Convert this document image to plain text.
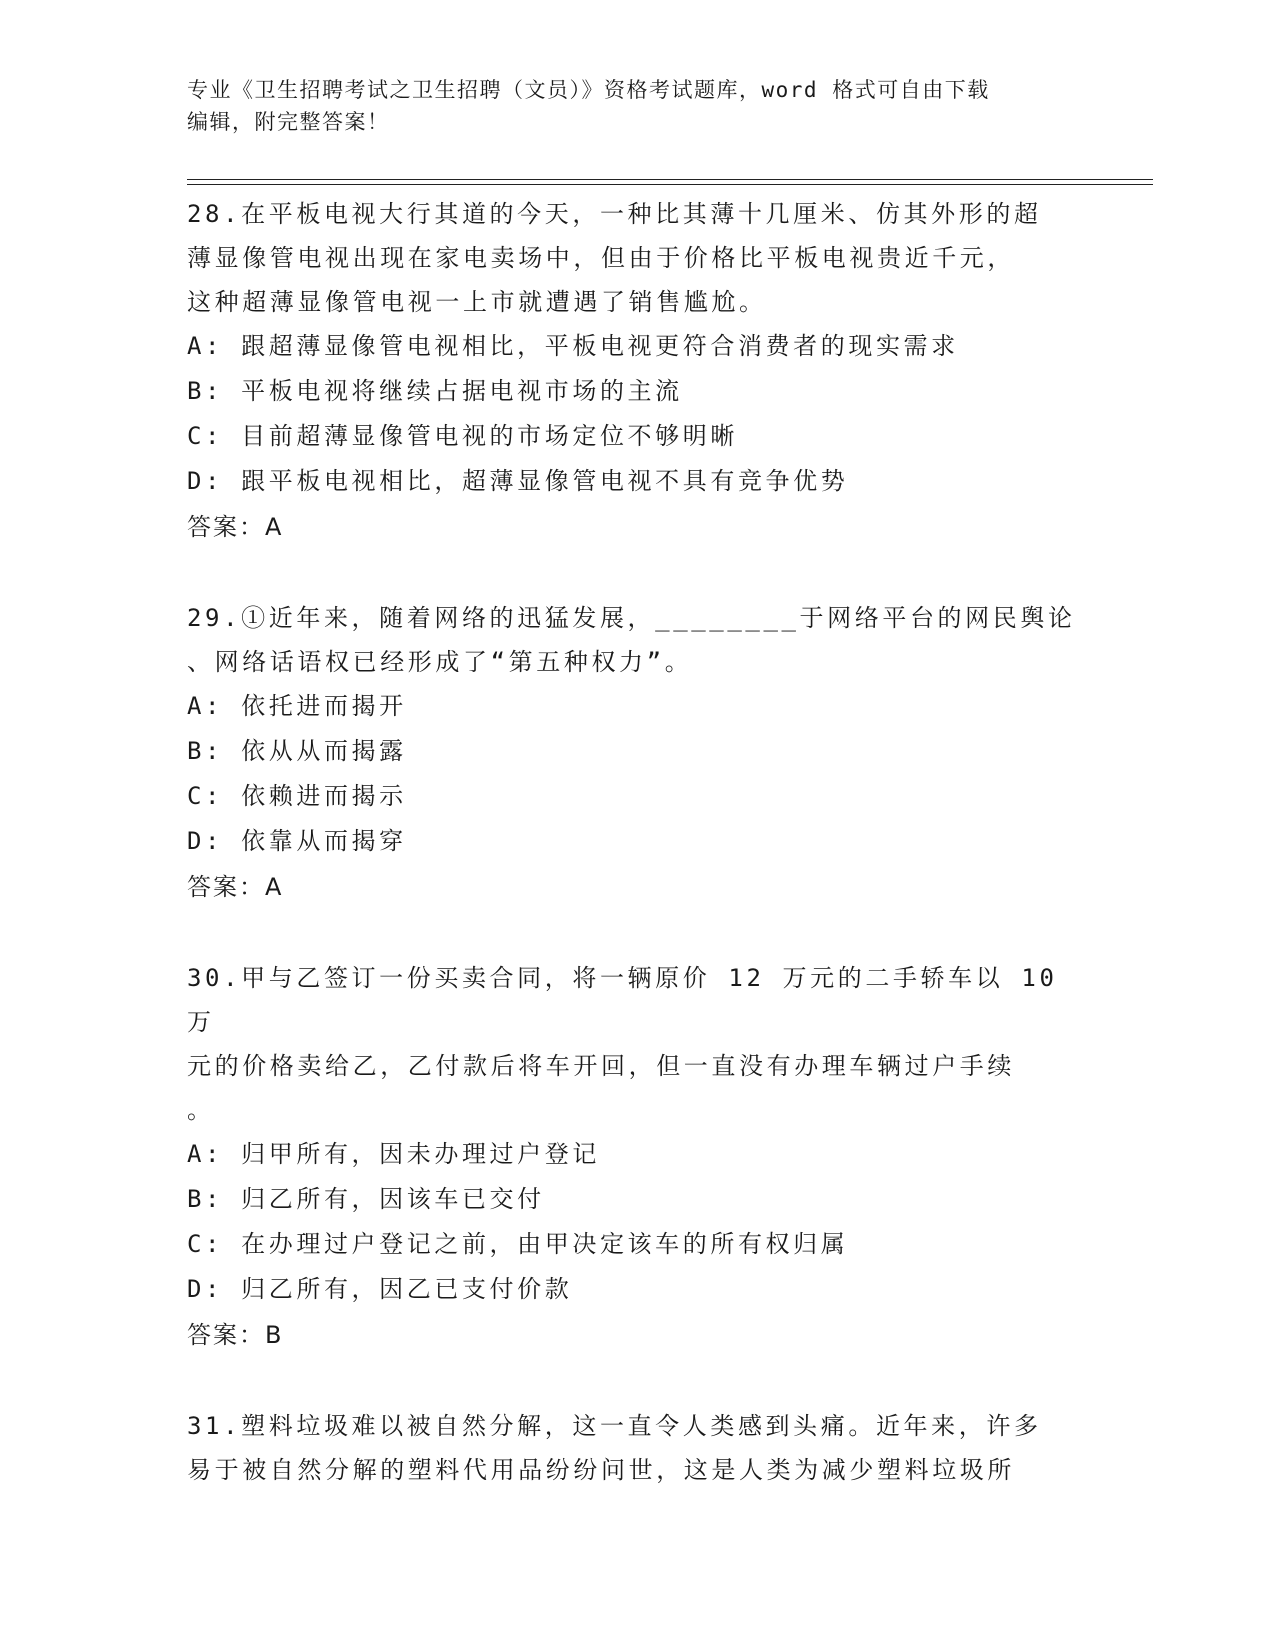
专业《卫生招聘考试之卫生招聘（文员）》资格考试题库，word 格式可自由下载
编辑，附完整答案！
28.在平板电视大行其道的今天，一种比其薄十几厘米、仿其外形的超
薄显像管电视出现在家电卖场中，但由于价格比平板电视贵近千元，
这种超薄显像管电视一上市就遭遇了销售尴尬。
A: 跟超薄显像管电视相比，平板电视更符合消费者的现实需求
B: 平板电视将继续占据电视市场的主流
C: 目前超薄显像管电视的市场定位不够明晰
D: 跟平板电视相比，超薄显像管电视不具有竞争优势
答案：A
29.①近年来，随着网络的迅猛发展，________于网络平台的网民舆论
、网络话语权已经形成了“第五种权力”。
A: 依托进而揭开
B: 依从从而揭露
C: 依赖进而揭示
D: 依靠从而揭穿
答案：A
30.甲与乙签订一份买卖合同，将一辆原价 12 万元的二手轿车以 10 万
元的价格卖给乙，乙付款后将车开回，但一直没有办理车辆过户手续
。
A: 归甲所有，因未办理过户登记
B: 归乙所有，因该车已交付
C: 在办理过户登记之前，由甲决定该车的所有权归属
D: 归乙所有，因乙已支付价款
答案：B
31.塑料垃圾难以被自然分解，这一直令人类感到头痛。近年来，许多
易于被自然分解的塑料代用品纷纷问世，这是人类为减少塑料垃圾所
